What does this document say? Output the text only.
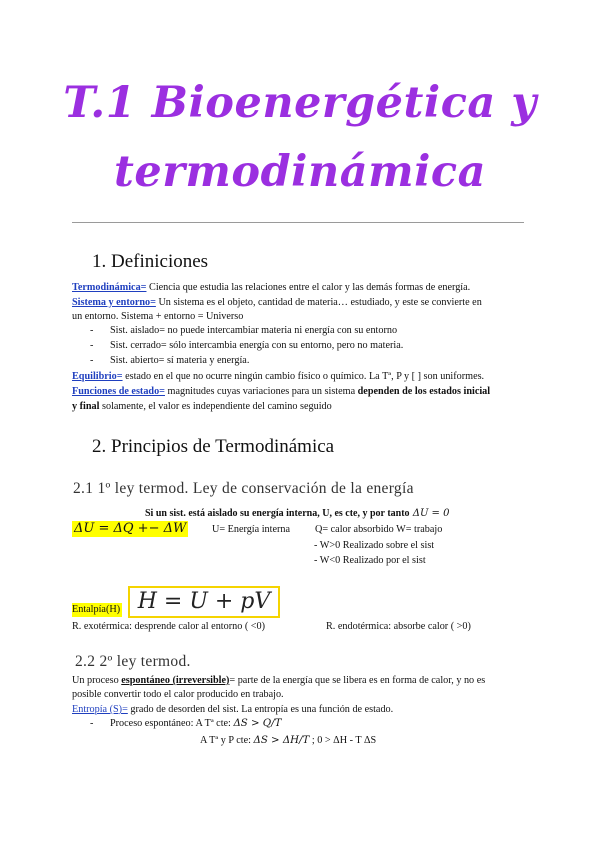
T.1 Bioenergética y
termodinámica
1. Definiciones
Termodinámica= Ciencia que estudia las relaciones entre el calor y las demás formas de energía.
Sistema y entorno= Un sistema es el objeto, cantidad de materia… estudiado, y este se convierte en
un entorno. Sistema + entorno = Universo
- Sist. aislado= no puede intercambiar materia ni energía con su entorno
- Sist. cerrado= sólo intercambia energía con su entorno, pero no materia.
- Sist. abierto= sí materia y energía.
Equilibrio= estado en el que no ocurre ningún cambio físico o químico. La Tª, P y [ ] son uniformes.
Funciones de estado= magnitudes cuyas variaciones para un sistema dependen de los estados inicial
y final solamente, el valor es independiente del camino seguido
2. Principios de Termodinámica
2.1 1º ley termod. Ley de conservación de la energía
Si un sist. está aislado su energía interna, U, es cte, y por tanto ΔU = 0
ΔU = ΔQ +− ΔW	U= Energía interna Q= calor absorbido W= trabajo
- W>0 Realizado sobre el sist
- W<0 Realizado por el sist
Entalpía(H) H = U + pV
R. exotérmica: desprende calor al entorno ( <0)	R. endotérmica: absorbe calor ( >0)
2.2 2º ley termod.
Un proceso espontáneo (irreversible)= parte de la energía que se libera es en forma de calor, y no es
posible convertir todo el calor producido en trabajo.
Entropía (S)= grado de desorden del sist. La entropía es una función de estado.
- Proceso espontáneo: A Tª cte: ΔS > Q/T
A Tª y P cte: ΔS > ΔH/T ; 0 > ΔH - T ΔS
